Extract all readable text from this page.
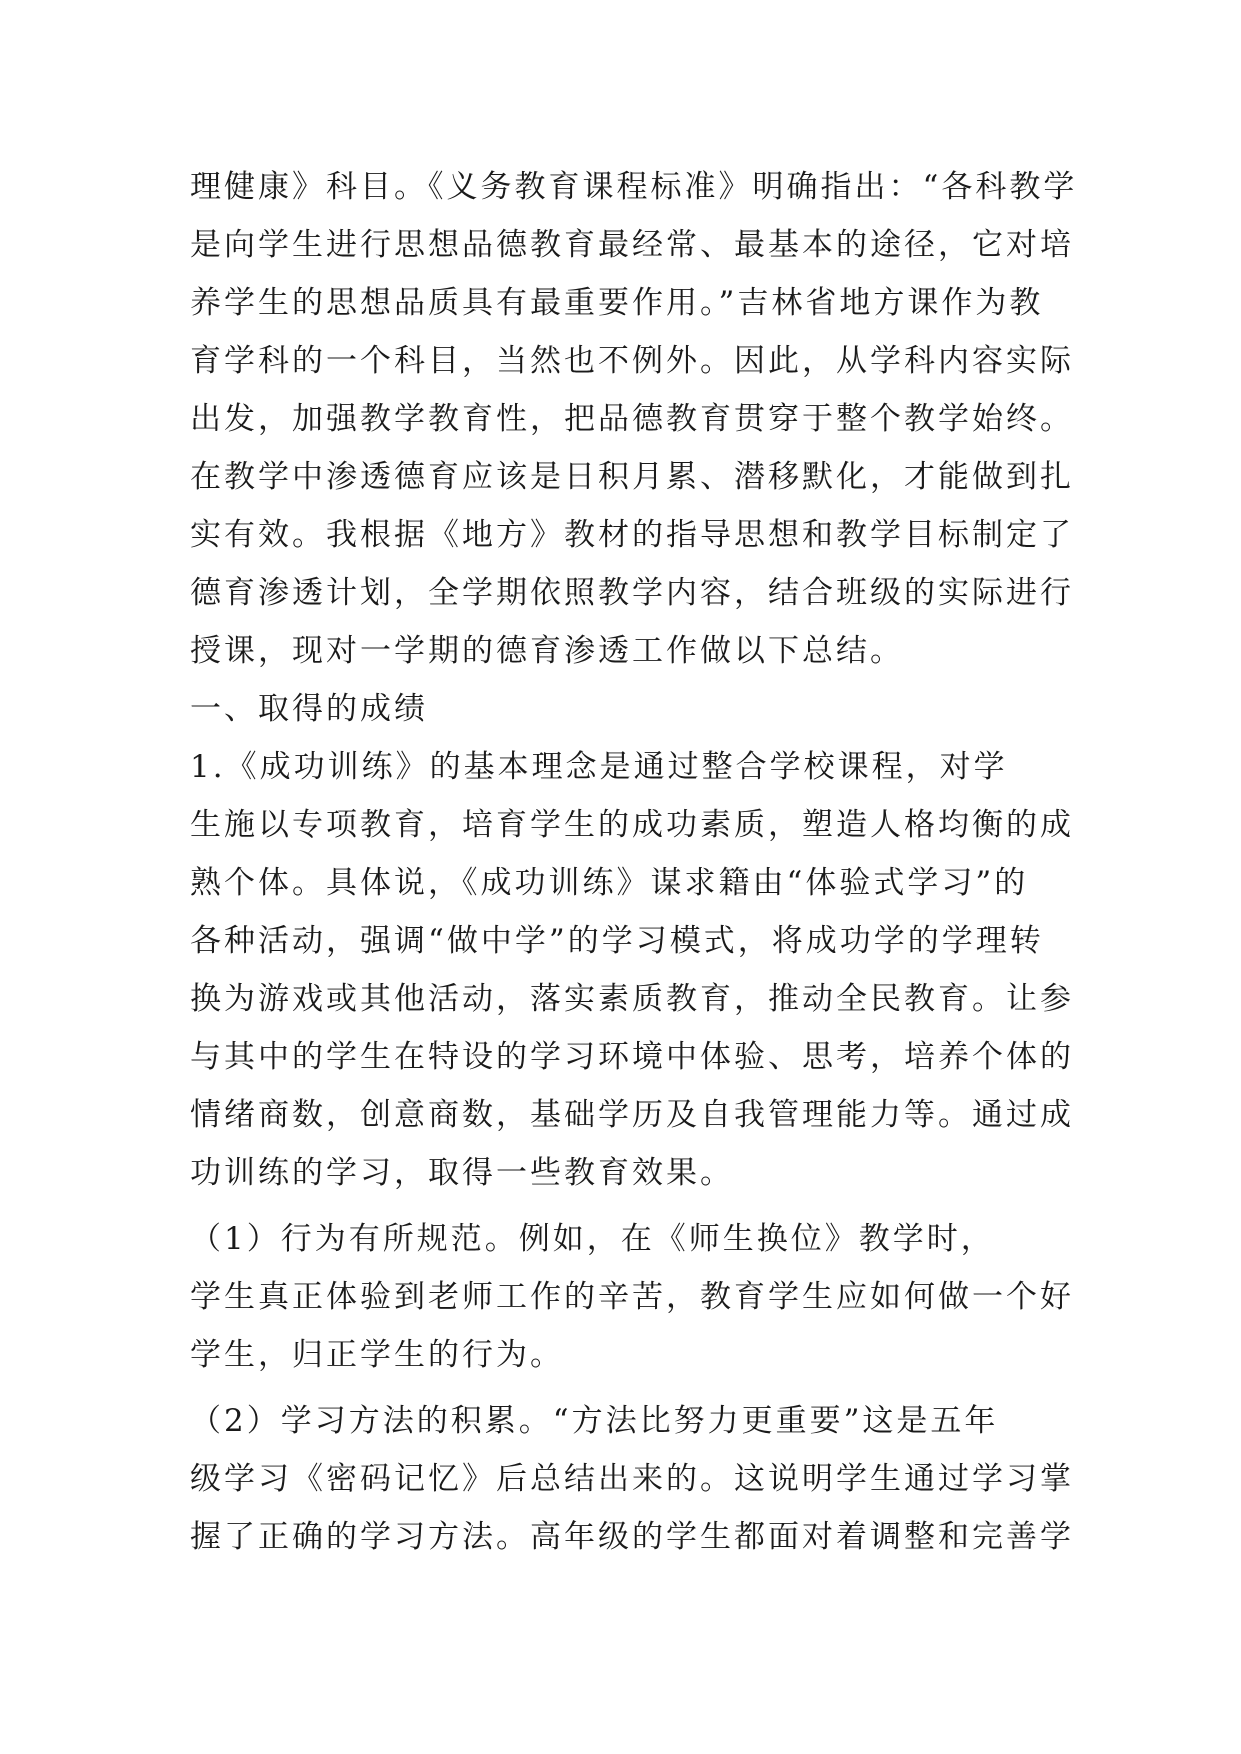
理健康》科目。《义务教育课程标准》明确指出：“各科教学
是向学生进行思想品德教育最经常、最基本的途径，它对培
养学生的思想品质具有最重要作用。”吉林省地方课作为教
育学科的一个科目，当然也不例外。因此，从学科内容实际
出发，加强教学教育性，把品德教育贯穿于整个教学始终。
在教学中渗透德育应该是日积月累、潜移默化，才能做到扎
实有效。我根据《地方》教材的指导思想和教学目标制定了
德育渗透计划，全学期依照教学内容，结合班级的实际进行
授课，现对一学期的德育渗透工作做以下总结。
一、取得的成绩
1.《成功训练》的基本理念是通过整合学校课程，对学
生施以专项教育，培育学生的成功素质，塑造人格均衡的成
熟个体。具体说，《成功训练》谋求籍由“体验式学习”的
各种活动，强调“做中学”的学习模式，将成功学的学理转
换为游戏或其他活动，落实素质教育，推动全民教育。让参
与其中的学生在特设的学习环境中体验、思考，培养个体的
情绪商数，创意商数，基础学历及自我管理能力等。通过成
功训练的学习，取得一些教育效果。
（1）行为有所规范。例如，在《师生换位》教学时，
学生真正体验到老师工作的辛苦，教育学生应如何做一个好
学生，归正学生的行为。
（2）学习方法的积累。“方法比努力更重要”这是五年
级学习《密码记忆》后总结出来的。这说明学生通过学习掌
握了正确的学习方法。高年级的学生都面对着调整和完善学
